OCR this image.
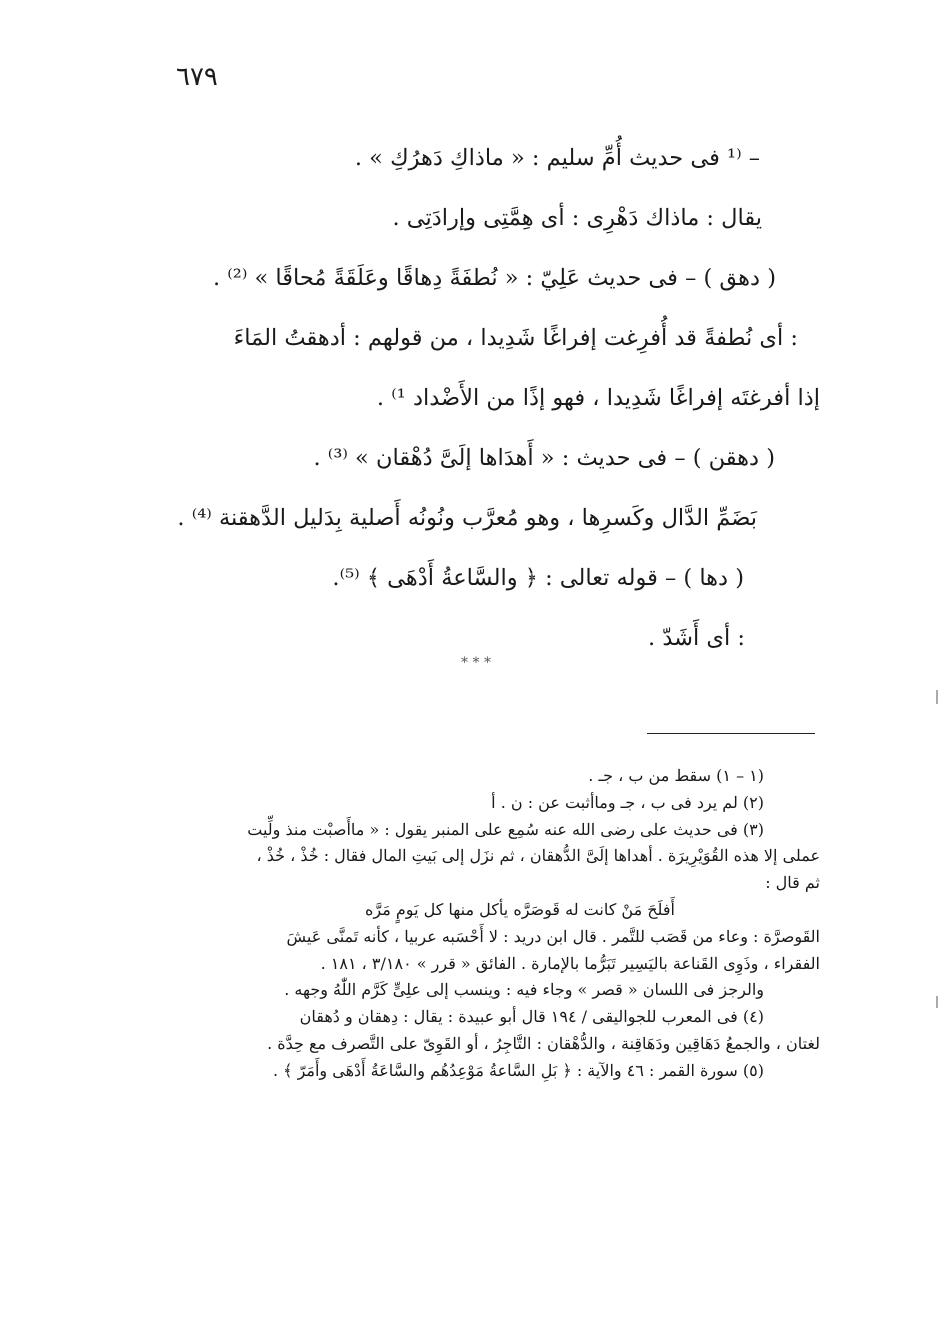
٦٧٩
– ⁽¹ فى حديث أُمِّ سليم : « ماذاكِ دَهرُكِ » .
يقال : ماذاك دَهْرِى : أى هِمَّتِى وإرادَتِى .
( دهق ) – فى حديث عَلِيّ : « نُطفَةً دِهاقًا وعَلَقَةً مُحاقًا » ⁽²⁾ .
: أى نُطفةً قد أُفرِغت إفراغًا شَدِيدا ، من قولهم : أدهقتُ المَاءَ
إذا أفرغتَه إفراغًا شَدِيدا ، فهو إذًا من الأَضْداد ¹⁾ .
( دهقن ) – فى حديث : « أَهدَاها إلَىَّ دُهْقان » ⁽³⁾ .
بَضَمِّ الدَّال وكَسرِها ، وهو مُعرَّب ونُونُه أَصلية بِدَليل الدَّهقنة ⁽⁴⁾ .
( دها ) – قوله تعالى : ﴿ والسَّاعةُ أَدْهَى ﴾ ⁽⁵⁾.
: أى أَشَدّ .
* * *
(١ – ١) سقط من ب ، جـ .
(٢) لم يرد فى ب ، جـ وماأثبت عن : ن . أ
(٣) فى حديث على رضى الله عنه سُمِع على المنبر يقول : « ماأَصبْت منذ ولِّيت
عملى إلا هذه القُوَيْرِيرَة . أهداها إلَىَّ الدُّهقان ، ثم نزَل إلى بَيتِ المال فقال : خُذْ ، خُذْ ،
ثم قال :
أَفلَحَ مَنْ كانت له قَوصَرَّه يأكل منها كل يَومٍ مَرَّه
القَوصرَّة : وعاء من قَصَب للتَّمر . قال ابن دريد : لا أَحْسَبه عربيا ، كأنه تَمنَّى عَيشَ
الفقراء ، وذَوِى القَناعة باليَسِير تَبَرُّما بالإمارة . الفائق « قرر » ٣/١٨٠ ، ١٨١ .
والرجز فى اللسان « قصر » وجاء فيه : وينسب إلى علِىٍّ كَرَّم اللّٰهُ وجهه .
(٤) فى المعرب للجواليقى / ١٩٤ قال أبو عبيدة : يقال : دِهقان و دُهقان
لغتان ، والجمعُ دَهَاقِين ودَهَاقِنة ، والدُّهْقان : التَّاجِرُ ، أو القَوِىّ على التَّصرف مع حِدَّة .
(٥) سورة القمر : ٤٦ والآية : ﴿ بَلِ السَّاعةُ مَوْعِدُهُم والسَّاعَةُ أَدْهَى وأَمَرّ ﴾ .
